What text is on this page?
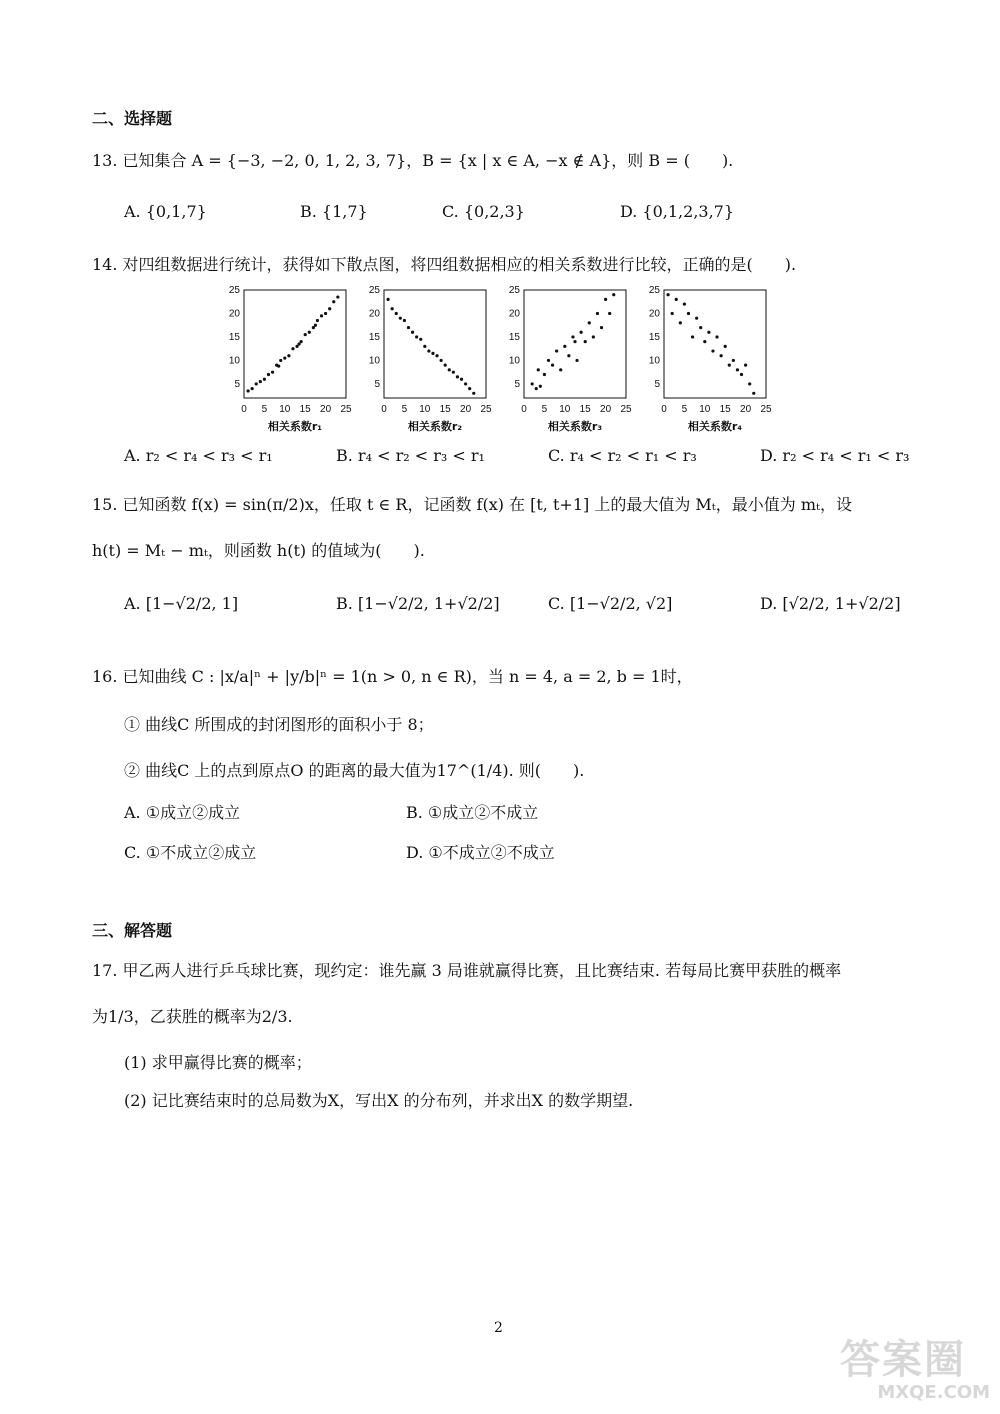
二、选择题
13. 已知集合 A = {−3, −2, 0, 1, 2, 3, 7}，B = {x | x ∈ A, −x ∉ A}，则 B = (　　).
A. {0,1,7}	B. {1,7}	C. {0,2,3}	D. {0,1,2,3,7}
14. 对四组数据进行统计，获得如下散点图，将四组数据相应的相关系数进行比较，正确的是(　　).
0 5 10 15 20 25
5
10
15
20
25
相关系数r₁
0 5 10 15 20 25
5
10
15
20
25
相关系数r₂
0 5 10 15 20 25
5
10
15
20
25
相关系数r₃
0 5 10 15 20 25
5
10
15
20
25
相关系数r₄
A. r₂ < r₄ < r₃ < r₁	B. r₄ < r₂ < r₃ < r₁	C. r₄ < r₂ < r₁ < r₃	D. r₂ < r₄ < r₁ < r₃
15. 已知函数 f(x) = sin(π/2)x，任取 t ∈ R，记函数 f(x) 在 [t, t+1] 上的最大值为 Mₜ，最小值为 mₜ，设
h(t) = Mₜ − mₜ，则函数 h(t) 的值域为(　　).
A. [1−√2/2, 1]	B. [1−√2/2, 1+√2/2]	C. [1−√2/2, √2]	D. [√2/2, 1+√2/2]
16. 已知曲线 C : |x/a|ⁿ + |y/b|ⁿ = 1(n > 0, n ∈ R)，当 n = 4, a = 2, b = 1时，
① 曲线C 所围成的封闭图形的面积小于 8；
② 曲线C 上的点到原点O 的距离的最大值为17^(1/4). 则(　　).
A. ①成立②成立	B. ①成立②不成立
C. ①不成立②成立	D. ①不成立②不成立
三、解答题
17. 甲乙两人进行乒乓球比赛，现约定：谁先赢 3 局谁就赢得比赛，且比赛结束. 若每局比赛甲获胜的概率
为1/3，乙获胜的概率为2/3.
(1) 求甲赢得比赛的概率；
(2) 记比赛结束时的总局数为X，写出X 的分布列，并求出X 的数学期望.
2
答案圈
MXQE.COM
